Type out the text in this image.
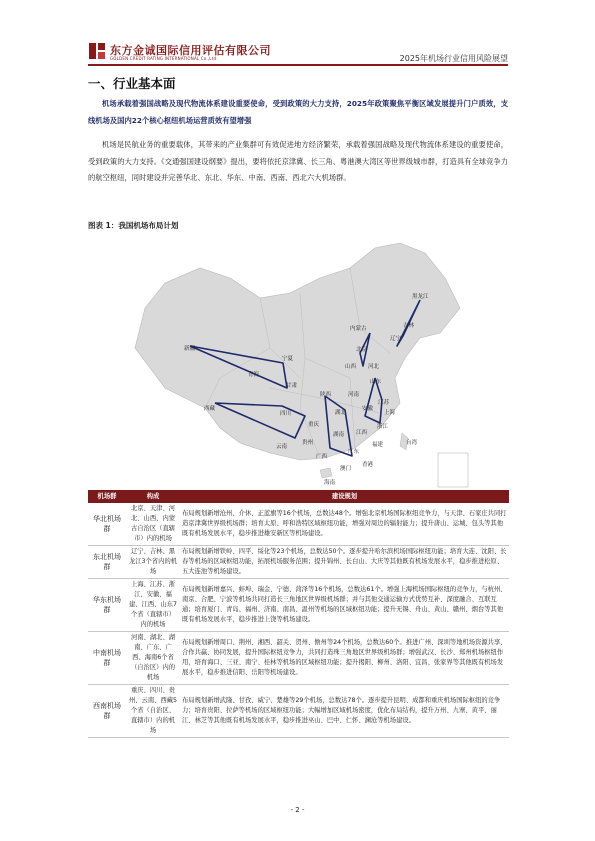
东方金诚国际信用评估有限公司
GOLDEN CREDIT RATING INTERNATIONAL Co.,Ltd.	2025年机场行业信用风险展望
一、行业基本面
机场承载着强国战略及现代物流体系建设重要使命，受到政策的大力支持，2025年政策聚焦平衡区域发展提升门户质效，支线机场及国内22个核心枢纽机场运营质效有望增强
机场是民航业务的重要载体，其带来的产业集群可有效促进地方经济繁荣，承载着强国战略及现代物流体系建设的重要使命，受到政策的大力支持。《交通强国建设纲要》提出，要将依托京津冀、长三角、粤港澳大湾区等世界级城市群，打造具有全球竞争力的航空枢纽，同时建设并完善华北、东北、华东、中南、西南、西北六大机场群。
图表 1：我国机场布局计划
黑龙江
吉林
辽宁
内蒙古
北京
河北
山西
山东
宁夏
甘肃
青海
新疆
西藏
四川
重庆
陕西	河南
江苏
安徽
上海
湖北
浙江
贵州
湖南 江西
福建
云南
广西
广东
台湾
海南
澳门
香港
机场群	构成	建设规划
华北机场群	北京、天津、河北、山西、内蒙古自治区（直辖市）内的机场	布局规划新增沧州、介休、正蓝旗等16个机场，总数达48个。增强北京机场国际枢纽竞争力，与天津、石家庄共同打造京津冀世界级机场群；培育太原、呼和浩特区域枢纽功能，增强对周边的辐射能力；提升唐山、运城、包头等其他既有机场发展水平，稳步推进雄安新区等机场建设。
东北机场群	辽宁、吉林、黑龙江3个省内的机场	布局规划新增铁岭、四平、绥化等23个机场，总数达50个。逐步提升哈尔滨机场国际枢纽功能；培育大连、沈阳、长春等机场的区域枢纽功能，拓展机场服务范围；提升锦州、长白山、大庆等其他既有机场发展水平，稳步推进松原、五大连池等机场建设。
华东机场群	上海、江苏、浙江、安徽、福建、江西、山东7个省（直辖市）内的机场	布局规划新增嘉兴、蚌埠、瑞金、宁德、菏泽等16个机场，总数达61个。增强上海机场国际枢纽的竞争力，与杭州、南京、合肥、宁波等机场共同打造长三角地区世界级机场群；并与其他交通运输方式优势互补、深度融合、互联互通；培育厦门、青岛、福州、济南、南昌、温州等机场的区域枢纽功能；提升无锡、舟山、黄山、赣州、烟台等其他既有机场发展水平，稳步推进上饶等机场建设。
中南机场群	河南、湖北、湖南、广东、广西、海南6个省（自治区）内的机场	布局规划新增周口、荆州、湘西、韶关、贺州、儋州等24个机场，总数达60个。推进广州、深圳等地机场资源共享、合作共赢、协同发展，提升国际枢纽竞争力，共同打造珠三角地区世界级机场群；增强武汉、长沙、郑州机场枢纽作用，培育海口、三亚、南宁、桂林等机场的区域枢纽功能；提升揭阳、柳州、洛阳、宜昌、张家界等其他既有机场发展水平，稳步推进信阳、岳阳等机场建设。
西南机场群	重庆、四川、贵州、云南、西藏5个省（自治区、直辖市）内的机场	布局规划新增武隆、甘孜、威宁、楚雄等29个机场，总数达78个。逐步提升昆明、成都和重庆机场国际枢纽的竞争力；培育贵阳、拉萨等机场的区域枢纽功能；大幅增加区域机场密度，优化布局结构，提升万州、九寨、黄平、丽江、林芝等其他既有机场发展水平，稳步推进巫山、巴中、仁怀、澜沧等机场建设。
- 2 -
